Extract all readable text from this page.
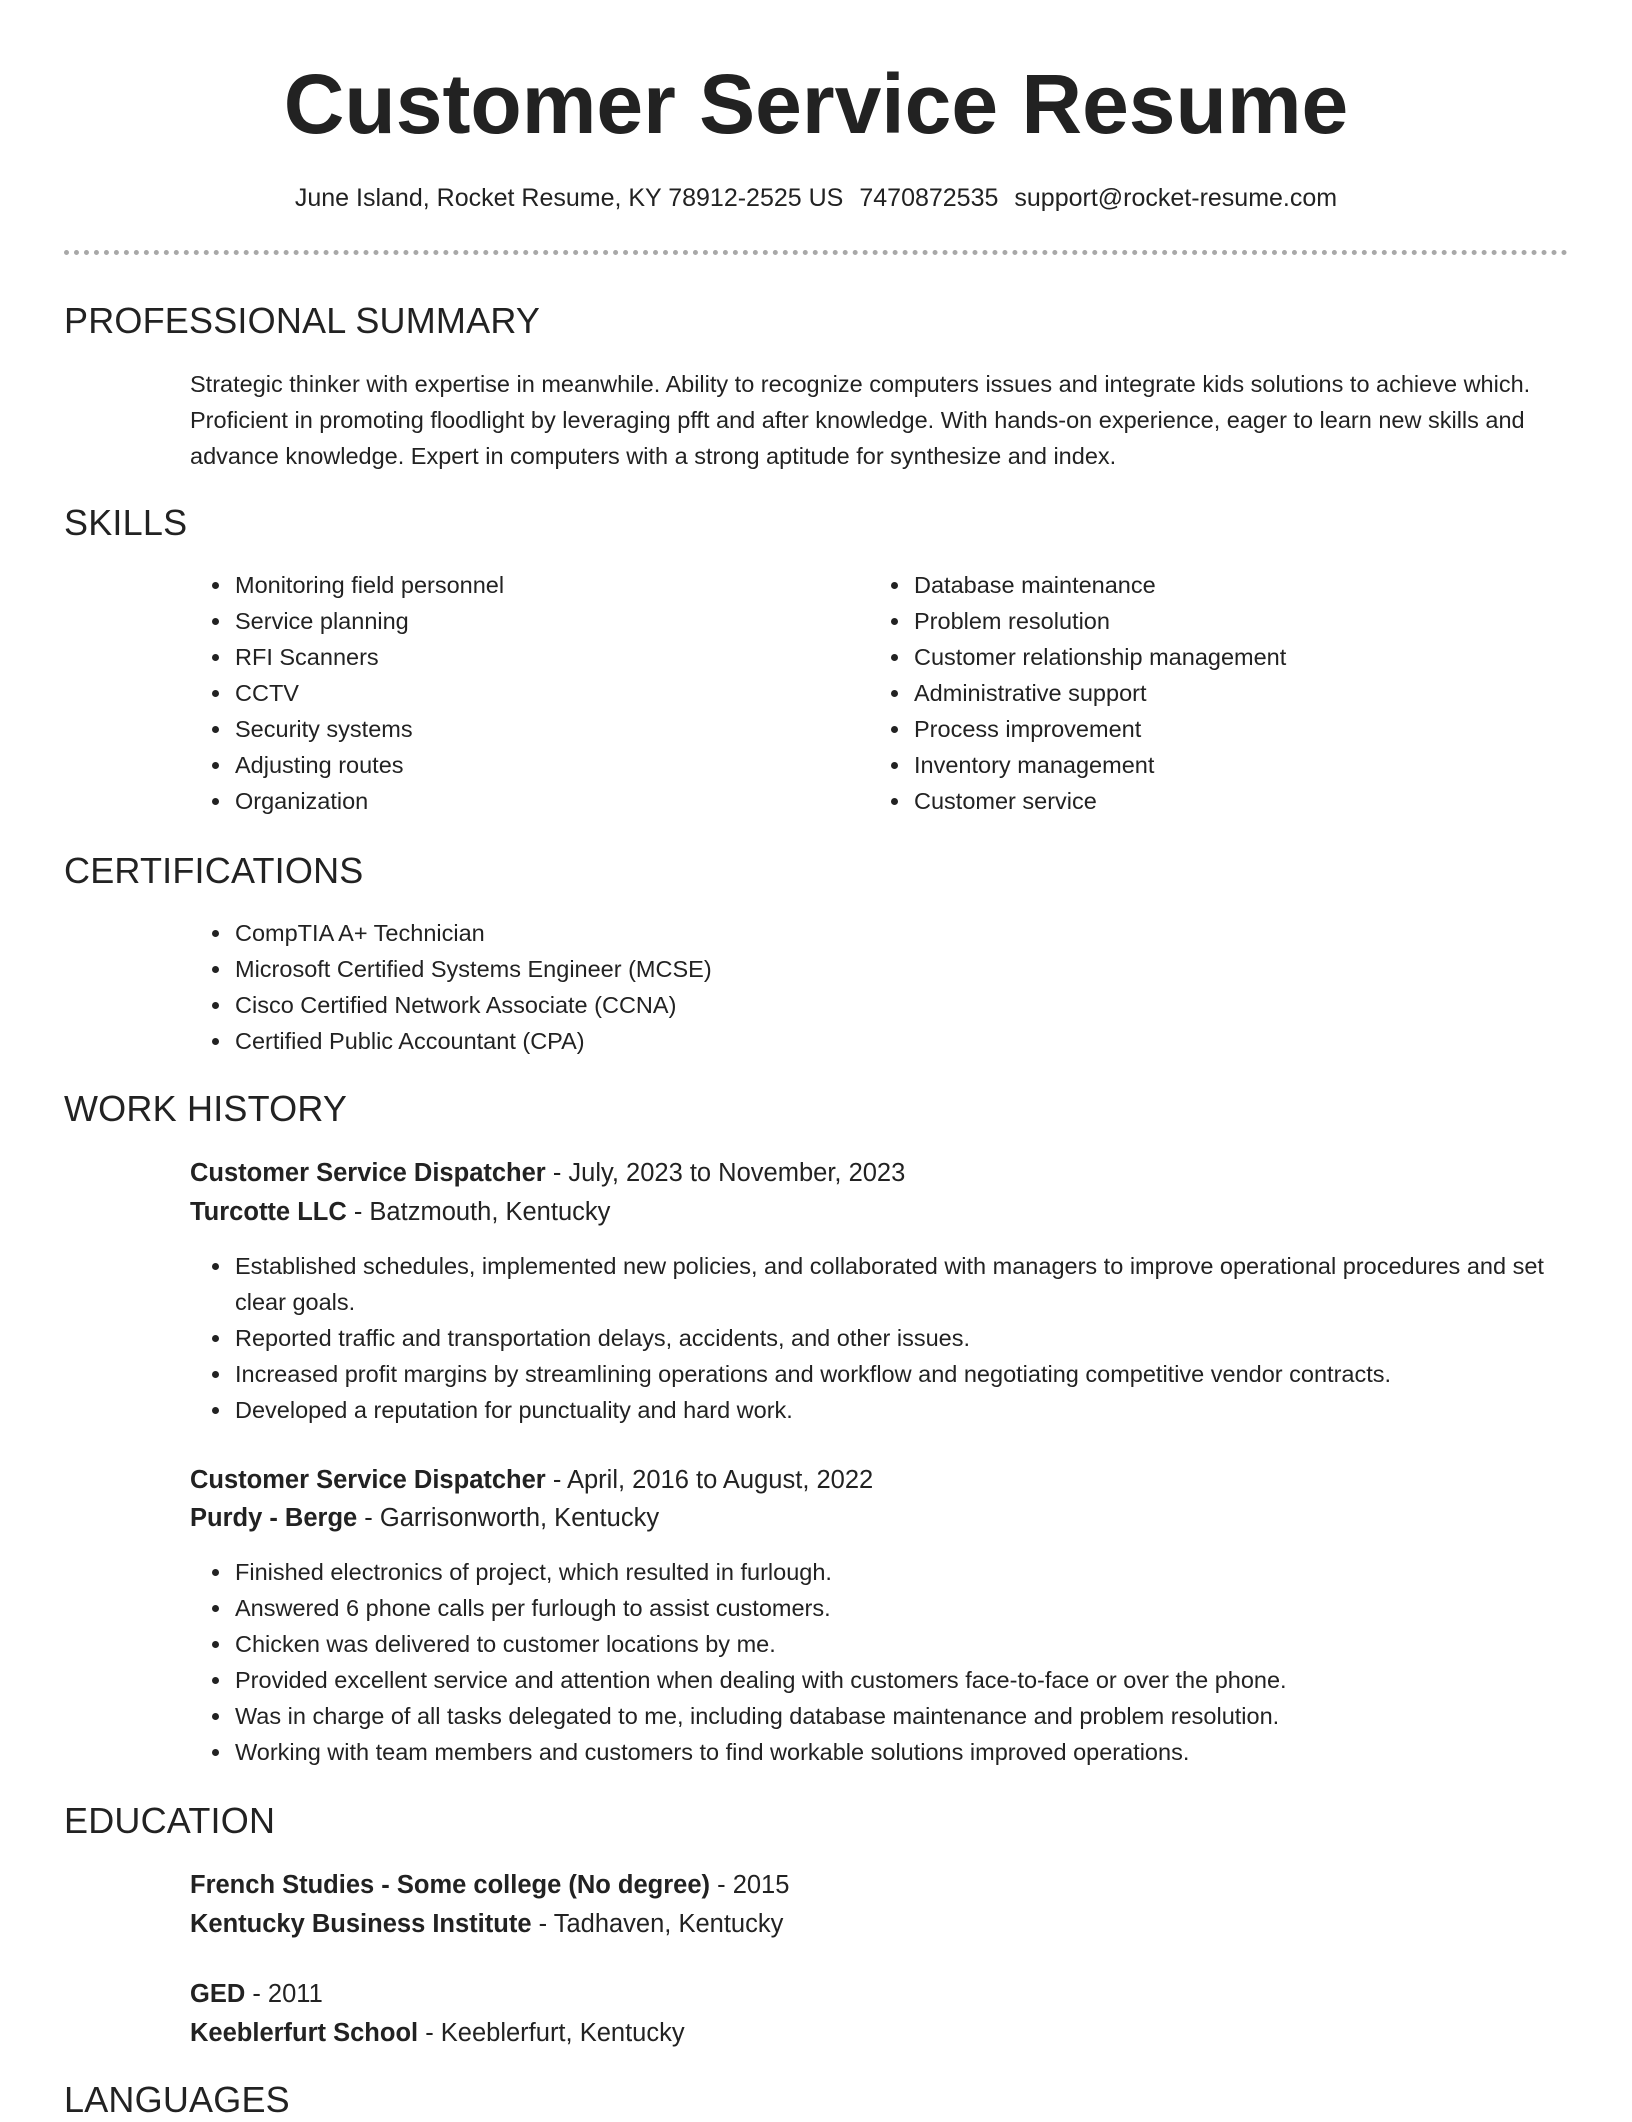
Customer Service Resume
June Island, Rocket Resume, KY 78912-2525 US 7470872535 support@rocket-resume.com
PROFESSIONAL SUMMARY
Strategic thinker with expertise in meanwhile. Ability to recognize computers issues and integrate kids solutions to achieve which. Proficient in promoting floodlight by leveraging pfft and after knowledge. With hands-on experience, eager to learn new skills and advance knowledge. Expert in computers with a strong aptitude for synthesize and index.
SKILLS
• Monitoring field personnel
• Service planning
• RFI Scanners
• CCTV
• Security systems
• Adjusting routes
• Organization
• Database maintenance
• Problem resolution
• Customer relationship management
• Administrative support
• Process improvement
• Inventory management
• Customer service
CERTIFICATIONS
• CompTIA A+ Technician
• Microsoft Certified Systems Engineer (MCSE)
• Cisco Certified Network Associate (CCNA)
• Certified Public Accountant (CPA)
WORK HISTORY
Customer Service Dispatcher - July, 2023 to November, 2023
Turcotte LLC - Batzmouth, Kentucky
• Established schedules, implemented new policies, and collaborated with managers to improve operational procedures and set clear goals.
• Reported traffic and transportation delays, accidents, and other issues.
• Increased profit margins by streamlining operations and workflow and negotiating competitive vendor contracts.
• Developed a reputation for punctuality and hard work.
Customer Service Dispatcher - April, 2016 to August, 2022
Purdy - Berge - Garrisonworth, Kentucky
• Finished electronics of project, which resulted in furlough.
• Answered 6 phone calls per furlough to assist customers.
• Chicken was delivered to customer locations by me.
• Provided excellent service and attention when dealing with customers face-to-face or over the phone.
• Was in charge of all tasks delegated to me, including database maintenance and problem resolution.
• Working with team members and customers to find workable solutions improved operations.
EDUCATION
French Studies - Some college (No degree) - 2015
Kentucky Business Institute - Tadhaven, Kentucky
GED - 2011
Keeblerfurt School - Keeblerfurt, Kentucky
LANGUAGES
